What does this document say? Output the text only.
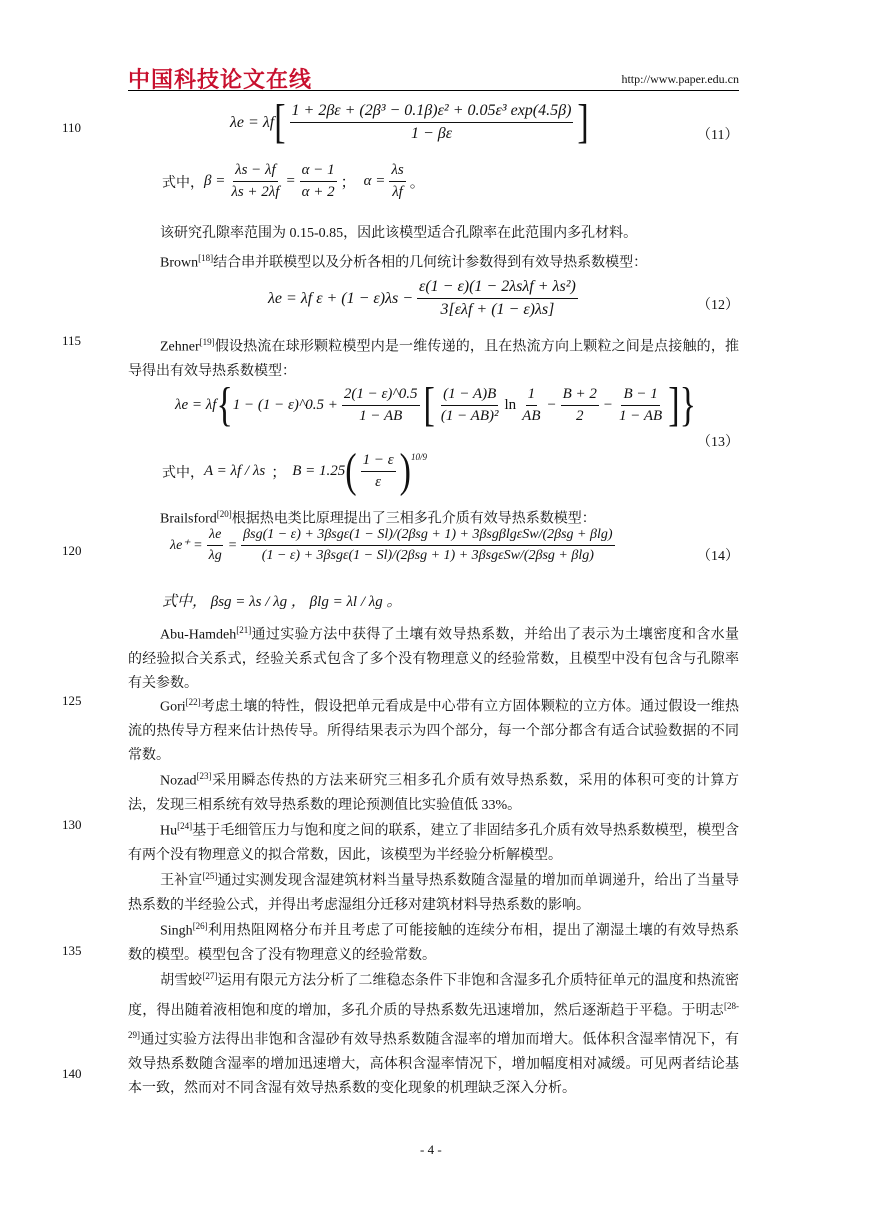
中国科技论文在线	http://www.paper.edu.cn
110
115
120
125
130
135
140
λe = λf [ $\frac{\text{1 + 2βε + (2β³ − 0.1β)ε² + 0.05ε³ exp(4.5β)}}{1 - \beta\varepsilon}$ ]	（11）
式中， $\beta = \frac{\lambda s - \lambda f}{\lambda s + 2\lambda f} = \frac{\alpha - 1}{\alpha + 2}$ ； $\alpha = \frac{\lambda s}{\lambda f}$ 。
该研究孔隙率范围为 0.15-0.85，因此该模型适合孔隙率在此范围内多孔材料。
Brown[18]结合串并联模型以及分析各相的几何统计参数得到有效导热系数模型：
λe = λf $\varepsilon + (1 - \varepsilon)\lambda s - \frac{\text{ε(1 − ε)(1 − 2λsλf + λs²)}}{\text{3[ελf + (1 − ε)λs]}}$	（12）
Zehner[19]假设热流在球形颗粒模型内是一维传递的，且在热流方向上颗粒之间是点接触的，推导得出有效导热系数模型：
λe = λf { 1 − (1 − ε)^0.5 + $\frac{2(1 - \varepsilon)\^{}0.5}{1 - AB}$ [ $\frac{(1 - A)B}{\text{(1 − AB)²}}$ $\ln \frac{1}{AB} - \frac{B + 2}{2} - \frac{B - 1}{1 - AB}$ ] }
（13）
式中， A = λf / λs ； B = 1.25 ( $\frac{1 - \varepsilon}{\varepsilon} )^{10/9}$
Brailsford[20]根据热电类比原理提出了三相多孔介质有效导热系数模型：
$\lambda e^+ = \frac{\lambda e}{\lambda g}$ =
βsg(1 − ε) + 3βsgε(1 − Sl)/(2βsg + 1) + 3βsgβlgεSw/(2βsg + βlg)
(1 − ε) + 3βsgε(1 − Sl)/(2βsg + 1) + 3βsgεSw/(2βsg + βlg)	（14）
式中， βsg = λs / λg ， βlg = λl / λg 。
Abu-Hamdeh[21]通过实验方法中获得了土壤有效导热系数，并给出了表示为土壤密度和含水量的经验拟合关系式，经验关系式包含了多个没有物理意义的经验常数，且模型中没有包含与孔隙率有关参数。
Gori[22]考虑土壤的特性，假设把单元看成是中心带有立方固体颗粒的立方体。通过假设一维热流的热传导方程来估计热传导。所得结果表示为四个部分，每一个部分都含有适合试验数据的不同常数。
Nozad[23]采用瞬态传热的方法来研究三相多孔介质有效导热系数，采用的体积可变的计算方法，发现三相系统有效导热系数的理论预测值比实验值低 33%。
Hu[24]基于毛细管压力与饱和度之间的联系，建立了非固结多孔介质有效导热系数模型，模型含有两个没有物理意义的拟合常数，因此，该模型为半经验分析解模型。
王补宣[25]通过实测发现含湿建筑材料当量导热系数随含湿量的增加而单调递升，给出了当量导热系数的半经验公式，并得出考虑湿组分迁移对建筑材料导热系数的影响。
Singh[26]利用热阻网格分布并且考虑了可能接触的连续分布相，提出了潮湿土壤的有效导热系数的模型。模型包含了没有物理意义的经验常数。
胡雪蛟[27]运用有限元方法分析了二维稳态条件下非饱和含湿多孔介质特征单元的温度和热流密度，得出随着液相饱和度的增加，多孔介质的导热系数先迅速增加，然后逐渐趋于平稳。于明志[28-29]通过实验方法得出非饱和含湿砂有效导热系数随含湿率的增加而增大。低体积含湿率情况下，有效导热系数随含湿率的增加迅速增大，高体积含湿率情况下，增加幅度相对减缓。可见两者结论基本一致，然而对不同含湿有效导热系数的变化现象的机理缺乏深入分析。
- 4 -
